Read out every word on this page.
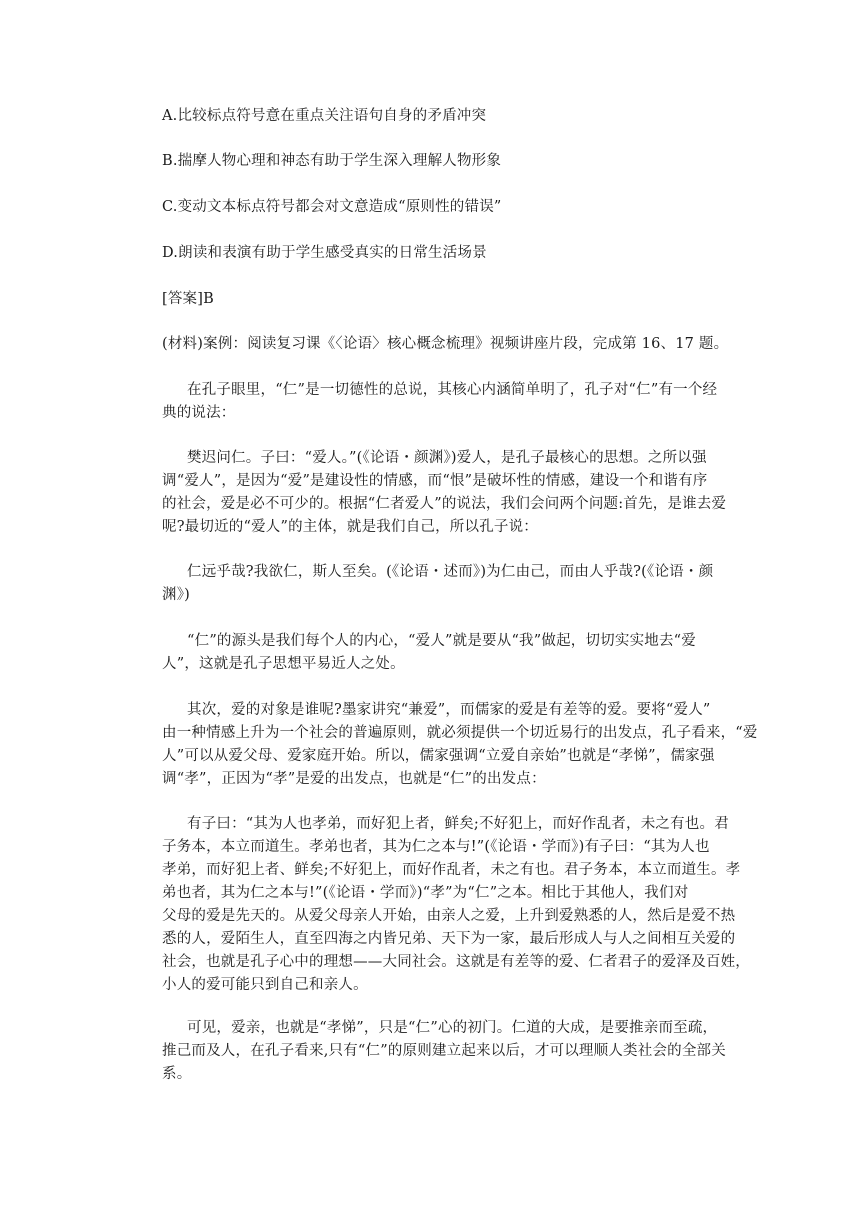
A.比较标点符号意在重点关注语句自身的矛盾冲突

B.揣摩人物心理和神态有助于学生深入理解人物形象

C.变动文本标点符号都会对文意造成“原则性的错误”

D.朗读和表演有助于学生感受真实的日常生活场景

[答案]B

(材料)案例：阅读复习课《〈论语〉核心概念梳理》视频讲座片段，完成第 16、17 题。

在孔子眼里，“仁”是一切德性的总说，其核心内涵简单明了，孔子对“仁”有一个经
典的说法：
樊迟问仁。子曰：“爱人。”(《论语・颜渊》)爱人，是孔子最核心的思想。之所以强
调“爱人”，是因为“爱”是建设性的情感，而“恨”是破坏性的情感，建设一个和谐有序
的社会，爱是必不可少的。根据“仁者爱人”的说法，我们会问两个问题:首先，是谁去爱
呢?最切近的“爱人”的主体，就是我们自己，所以孔子说：
仁远乎哉?我欲仁，斯人至矣。(《论语・述而》)为仁由己，而由人乎哉?(《论语・颜
渊》)
“仁”的源头是我们每个人的内心，“爱人”就是要从“我”做起，切切实实地去“爱
人”，这就是孔子思想平易近人之处。
其次，爱的对象是谁呢?墨家讲究“兼爱”，而儒家的爱是有差等的爱。要将“爱人”
由一种情感上升为一个社会的普遍原则，就必须提供一个切近易行的出发点，孔子看来，“爱
人”可以从爱父母、爱家庭开始。所以，儒家强调“立爱自亲始”也就是“孝悌”，儒家强
调“孝”，正因为“孝”是爱的出发点，也就是“仁”的出发点：
有子曰：“其为人也孝弟，而好犯上者，鲜矣;不好犯上，而好作乱者，未之有也。君
子务本，本立而道生。孝弟也者，其为仁之本与!”(《论语・学而》)有子曰：“其为人也
孝弟，而好犯上者、鲜矣;不好犯上，而好作乱者，未之有也。君子务本，本立而道生。孝
弟也者，其为仁之本与!”(《论语・学而》)“孝”为“仁”之本。相比于其他人，我们对
父母的爱是先天的。从爱父母亲人开始，由亲人之爱，上升到爱熟悉的人，然后是爱不热
悉的人，爱陌生人，直至四海之内皆兄弟、天下为一家，最后形成人与人之间相互关爱的
社会，也就是孔子心中的理想——大同社会。这就是有差等的爱、仁者君子的爱泽及百姓，
小人的爱可能只到自己和亲人。
可见，爱亲，也就是“孝悌”，只是“仁”心的初门。仁道的大成，是要推亲而至疏，
推己而及人，在孔子看来,只有“仁”的原则建立起来以后，才可以理顺人类社会的全部关
系。
